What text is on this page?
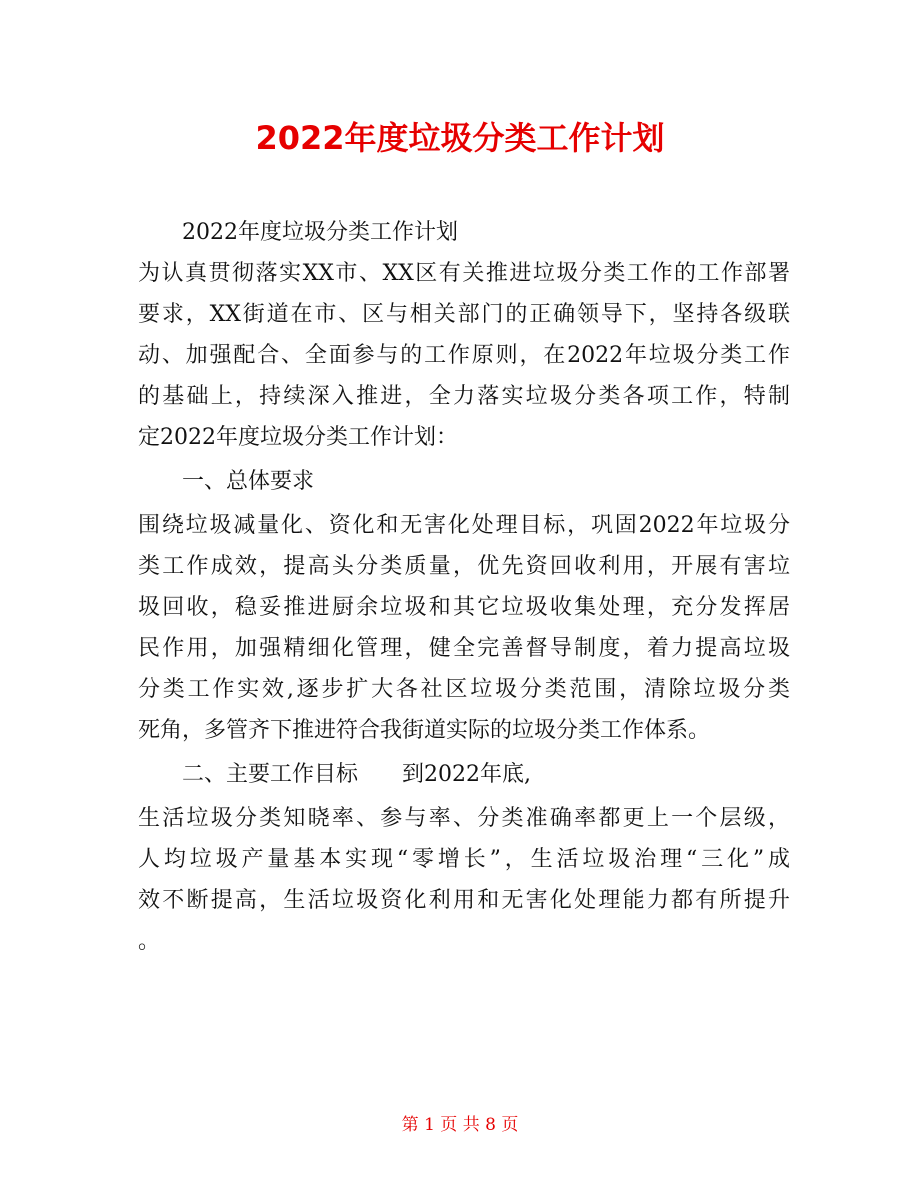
2022年度垃圾分类工作计划
2022年度垃圾分类工作计划
为认真贯彻落实XX市、XX区有关推进垃圾分类工作的工作部署
要求，XX街道在市、区与相关部门的正确领导下，坚持各级联
动、加强配合、全面参与的工作原则，在2022年垃圾分类工作
的基础上，持续深入推进，全力落实垃圾分类各项工作，特制
定2022年度垃圾分类工作计划：
一、总体要求
围绕垃圾减量化、资化和无害化处理目标，巩固2022年垃圾分
类工作成效，提高头分类质量，优先资回收利用，开展有害垃
圾回收，稳妥推进厨余垃圾和其它垃圾收集处理，充分发挥居
民作用，加强精细化管理，健全完善督导制度，着力提高垃圾
分类工作实效,逐步扩大各社区垃圾分类范围，清除垃圾分类
死角，多管齐下推进符合我街道实际的垃圾分类工作体系。
二、主要工作目标　　到2022年底,
生活垃圾分类知晓率、参与率、分类准确率都更上一个层级，
人均垃圾产量基本实现“零增长”，生活垃圾治理“三化”成
效不断提高，生活垃圾资化利用和无害化处理能力都有所提升
。
第 1 页 共 8 页
